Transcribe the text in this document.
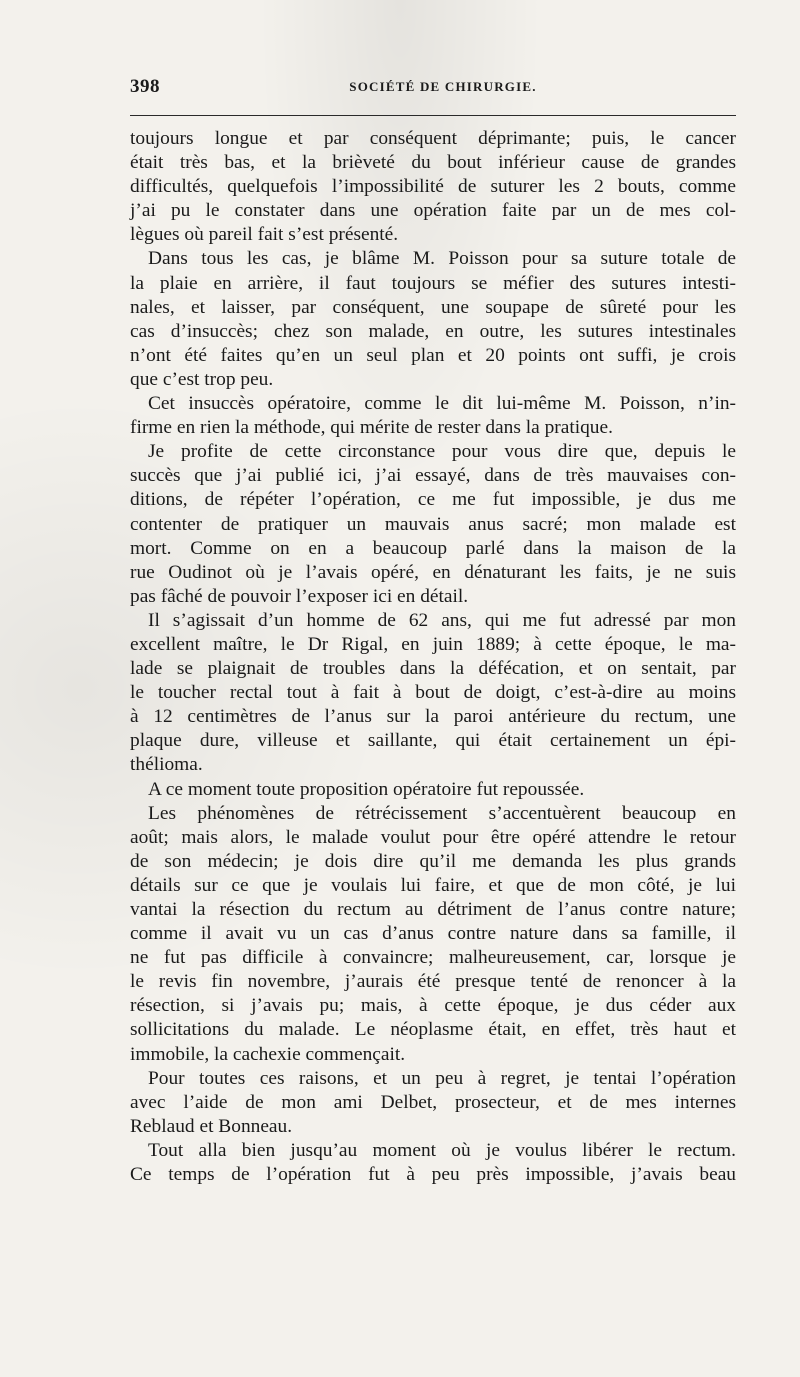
398	SOCIÉTÉ DE CHIRURGIE.
toujours longue et par conséquent déprimante; puis, le cancer
était très bas, et la brièveté du bout inférieur cause de grandes
difficultés, quelquefois l’impossibilité de suturer les 2 bouts, comme
j’ai pu le constater dans une opération faite par un de mes col-
lègues où pareil fait s’est présenté.
Dans tous les cas, je blâme M. Poisson pour sa suture totale de
la plaie en arrière, il faut toujours se méfier des sutures intesti-
nales, et laisser, par conséquent, une soupape de sûreté pour les
cas d’insuccès; chez son malade, en outre, les sutures intestinales
n’ont été faites qu’en un seul plan et 20 points ont suffi, je crois
que c’est trop peu.
Cet insuccès opératoire, comme le dit lui-même M. Poisson, n’in-
firme en rien la méthode, qui mérite de rester dans la pratique.
Je profite de cette circonstance pour vous dire que, depuis le
succès que j’ai publié ici, j’ai essayé, dans de très mauvaises con-
ditions, de répéter l’opération, ce me fut impossible, je dus me
contenter de pratiquer un mauvais anus sacré; mon malade est
mort. Comme on en a beaucoup parlé dans la maison de la
rue Oudinot où je l’avais opéré, en dénaturant les faits, je ne suis
pas fâché de pouvoir l’exposer ici en détail.
Il s’agissait d’un homme de 62 ans, qui me fut adressé par mon
excellent maître, le Dr Rigal, en juin 1889; à cette époque, le ma-
lade se plaignait de troubles dans la défécation, et on sentait, par
le toucher rectal tout à fait à bout de doigt, c’est-à-dire au moins
à 12 centimètres de l’anus sur la paroi antérieure du rectum, une
plaque dure, villeuse et saillante, qui était certainement un épi-
thélioma.
A ce moment toute proposition opératoire fut repoussée.
Les phénomènes de rétrécissement s’accentuèrent beaucoup en
août; mais alors, le malade voulut pour être opéré attendre le retour
de son médecin; je dois dire qu’il me demanda les plus grands
détails sur ce que je voulais lui faire, et que de mon côté, je lui
vantai la résection du rectum au détriment de l’anus contre nature;
comme il avait vu un cas d’anus contre nature dans sa famille, il
ne fut pas difficile à convaincre; malheureusement, car, lorsque je
le revis fin novembre, j’aurais été presque tenté de renoncer à la
résection, si j’avais pu; mais, à cette époque, je dus céder aux
sollicitations du malade. Le néoplasme était, en effet, très haut et
immobile, la cachexie commençait.
Pour toutes ces raisons, et un peu à regret, je tentai l’opération
avec l’aide de mon ami Delbet, prosecteur, et de mes internes
Reblaud et Bonneau.
Tout alla bien jusqu’au moment où je voulus libérer le rectum.
Ce temps de l’opération fut à peu près impossible, j’avais beau
